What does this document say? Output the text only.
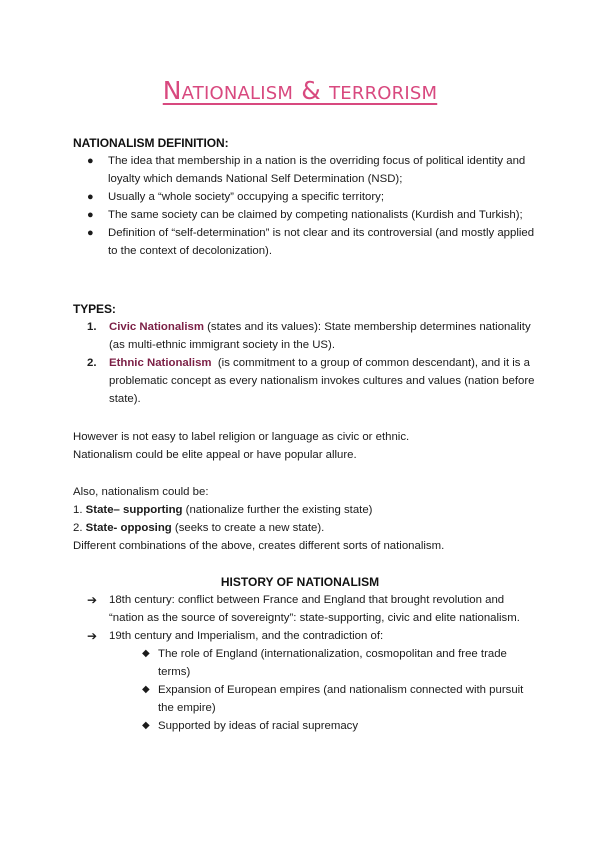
Nationalism & terrorism
NATIONALISM DEFINITION:
● The idea that membership in a nation is the overriding focus of political identity and loyalty which demands National Self Determination (NSD);
● Usually a “whole society” occupying a specific territory;
● The same society can be claimed by competing nationalists (Kurdish and Turkish);
● Definition of “self-determination” is not clear and its controversial (and mostly applied to the context of decolonization).
TYPES:
1. Civic Nationalism (states and its values): State membership determines nationality (as multi-ethnic immigrant society in the US).
2. Ethnic Nationalism  (is commitment to a group of common descendant), and it is a problematic concept as every nationalism invokes cultures and values (nation before state).

However is not easy to label religion or language as civic or ethnic.

Nationalism could be elite appeal or have popular allure.

Also, nationalism could be:

1. State– supporting (nationalize further the existing state)

2. State- opposing (seeks to create a new state).

Different combinations of the above, creates different sorts of nationalism.

HISTORY OF NATIONALISM
➔ 18th century: conflict between France and England that brought revolution and “nation as the source of sovereignty”: state-supporting, civic and elite nationalism.
➔ 19th century and Imperialism, and the contradiction of:
◆ The role of England (internationalization, cosmopolitan and free trade terms)
◆ Expansion of European empires (and nationalism connected with pursuit the empire)
◆ Supported by ideas of racial supremacy
